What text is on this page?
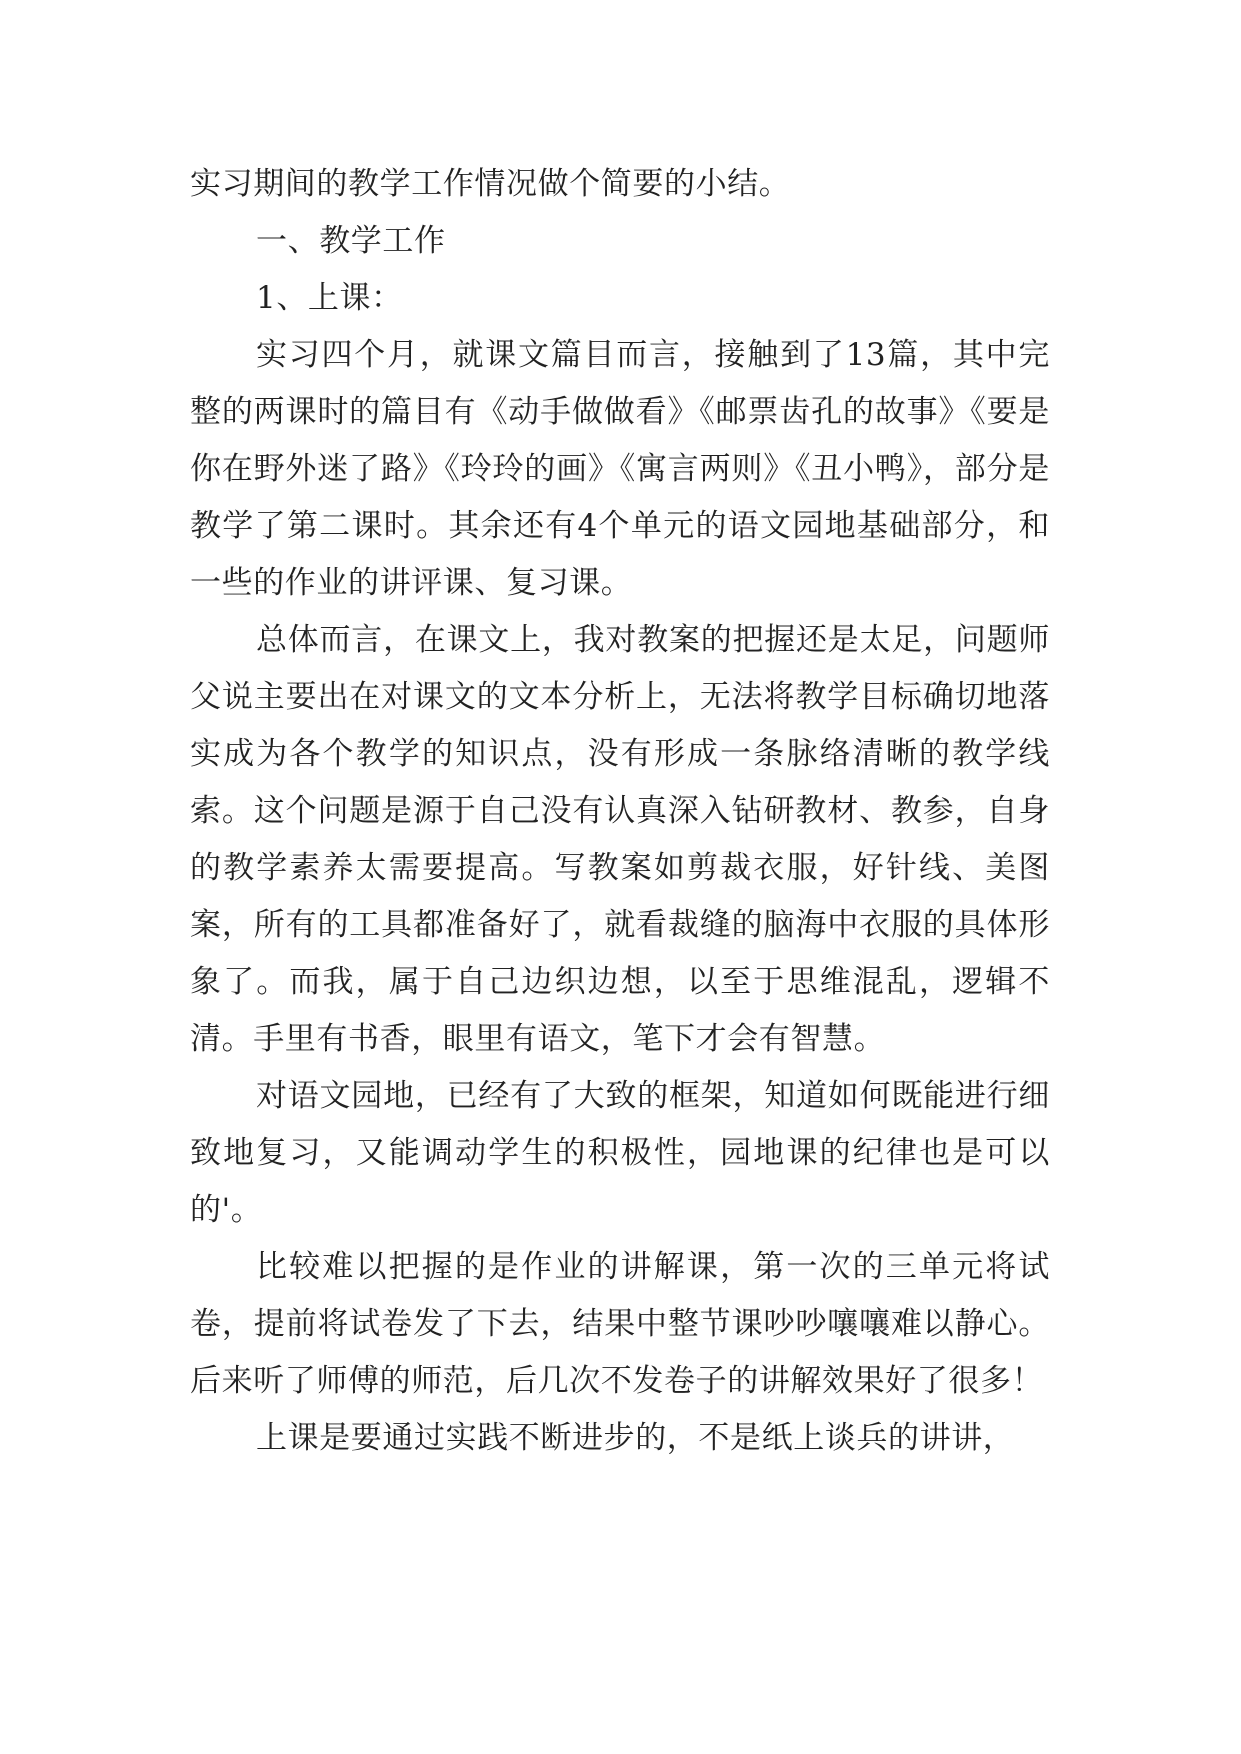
实习期间的教学工作情况做个简要的小结。

一、教学工作

1、上课：

实习四个月，就课文篇目而言，接触到了13篇，其中完整的两课时的篇目有《动手做做看》《邮票齿孔的故事》《要是你在野外迷了路》《玲玲的画》《寓言两则》《丑小鸭》，部分是教学了第二课时。其余还有4个单元的语文园地基础部分，和一些的作业的讲评课、复习课。

总体而言，在课文上，我对教案的把握还是太足，问题师父说主要出在对课文的文本分析上，无法将教学目标确切地落实成为各个教学的知识点，没有形成一条脉络清晰的教学线索。这个问题是源于自己没有认真深入钻研教材、教参，自身的教学素养太需要提高。写教案如剪裁衣服，好针线、美图案，所有的工具都准备好了，就看裁缝的脑海中衣服的具体形象了。而我，属于自己边织边想，以至于思维混乱，逻辑不清。手里有书香，眼里有语文，笔下才会有智慧。

对语文园地，已经有了大致的框架，知道如何既能进行细致地复习，又能调动学生的积极性，园地课的纪律也是可以的'。

比较难以把握的是作业的讲解课，第一次的三单元将试卷，提前将试卷发了下去，结果中整节课吵吵嚷嚷难以静心。后来听了师傅的师范，后几次不发卷子的讲解效果好了很多！

上课是要通过实践不断进步的，不是纸上谈兵的讲讲，
